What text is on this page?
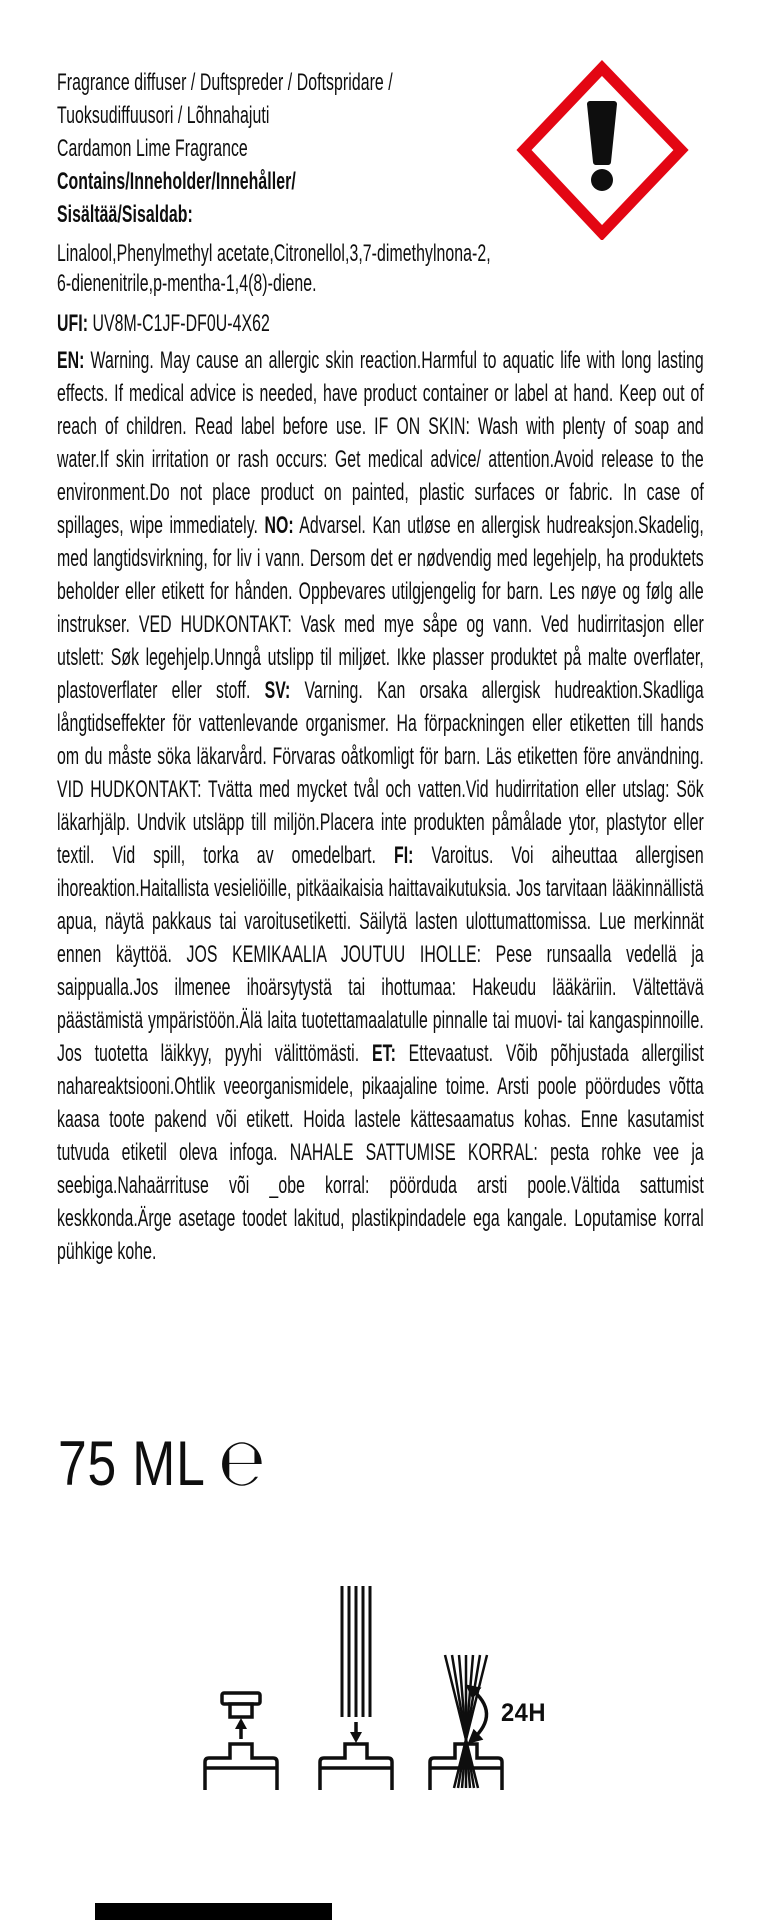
Fragrance diffuser / Duftspreder / Doftspridare /
Tuoksudiffuusori / Lõhnahajuti
Cardamon Lime Fragrance
Contains/Inneholder/Innehåller/
Sisältää/Sisaldab:
Linalool,Phenylmethyl acetate,Citronellol,3,7-dimethylnona-2,
6-dienenitrile,p-mentha-1,4(8)-diene.
UFI: UV8M-C1JF-DF0U-4X62
EN: Warning. May cause an allergic skin reaction.Harmful to aquatic life with long lasting effects. If medical advice is needed, have product container or label at hand. Keep out of reach of children. Read label before use. IF ON SKIN: Wash with plenty of soap and water.If skin irritation or rash occurs: Get medical advice/ attention.Avoid release to the environment.Do not place product on painted, plastic surfaces or fabric. In case of spillages, wipe immediately. NO: Advarsel. Kan utløse en allergisk hudreaksjon.Skadelig, med langtidsvirkning, for liv i vann. Dersom det er nødvendig med legehjelp, ha produktets beholder eller etikett for hånden. Oppbevares utilgjengelig for barn. Les nøye og følg alle instrukser. VED HUDKONTAKT: Vask med mye såpe og vann. Ved hudirritasjon eller utslett: Søk legehjelp.Unngå utslipp til miljøet. Ikke plasser produktet på malte overflater, plastoverflater eller stoff. SV: Varning. Kan orsaka allergisk hudreaktion.Skadliga långtidseffekter för vattenlevande organismer. Ha förpackningen eller etiketten till hands om du måste söka läkarvård. Förvaras oåtkomligt för barn. Läs etiketten före användning. VID HUDKONTAKT: Tvätta med mycket tvål och vatten.Vid hudirritation eller utslag: Sök läkarhjälp. Undvik utsläpp till miljön.Placera inte produkten påmålade ytor, plastytor eller textil. Vid spill, torka av omedelbart. FI: Varoitus. Voi aiheuttaa allergisen ihoreaktion.Haitallista vesieliöille, pitkäaikaisia haittavaikutuksia. Jos tarvitaan lääkinnällistä apua, näytä pakkaus tai varoitusetiketti. Säilytä lasten ulottumattomissa. Lue merkinnät ennen käyttöä. JOS KEMIKAALIA JOUTUU IHOLLE: Pese runsaalla vedellä ja saippualla.Jos ilmenee ihoärsytystä tai ihottumaa: Hakeudu lääkäriin. Vältettävä päästämistä ympäristöön.Älä laita tuotettamaalatulle pinnalle tai muovi- tai kangaspinnoille. Jos tuotetta läikkyy, pyyhi välittömästi. ET: Ettevaatust. Võib põhjustada allergilist nahareaktsiooni.Ohtlik veeorganismidele, pikaajaline toime. Arsti poole pöördudes võtta kaasa toote pakend või etikett. Hoida lastele kättesaamatus kohas. Enne kasutamist tutvuda etiketil oleva infoga. NAHALE SATTUMISE KORRAL: pesta rohke vee ja seebiga.Nahaärrituse või _obe korral: pöörduda arsti poole.Vältida sattumist keskkonda.Ärge asetage toodet lakitud, plastikpindadele ega kangale. Loputamise korral pühkige kohe.
75 ML ℮
24H
